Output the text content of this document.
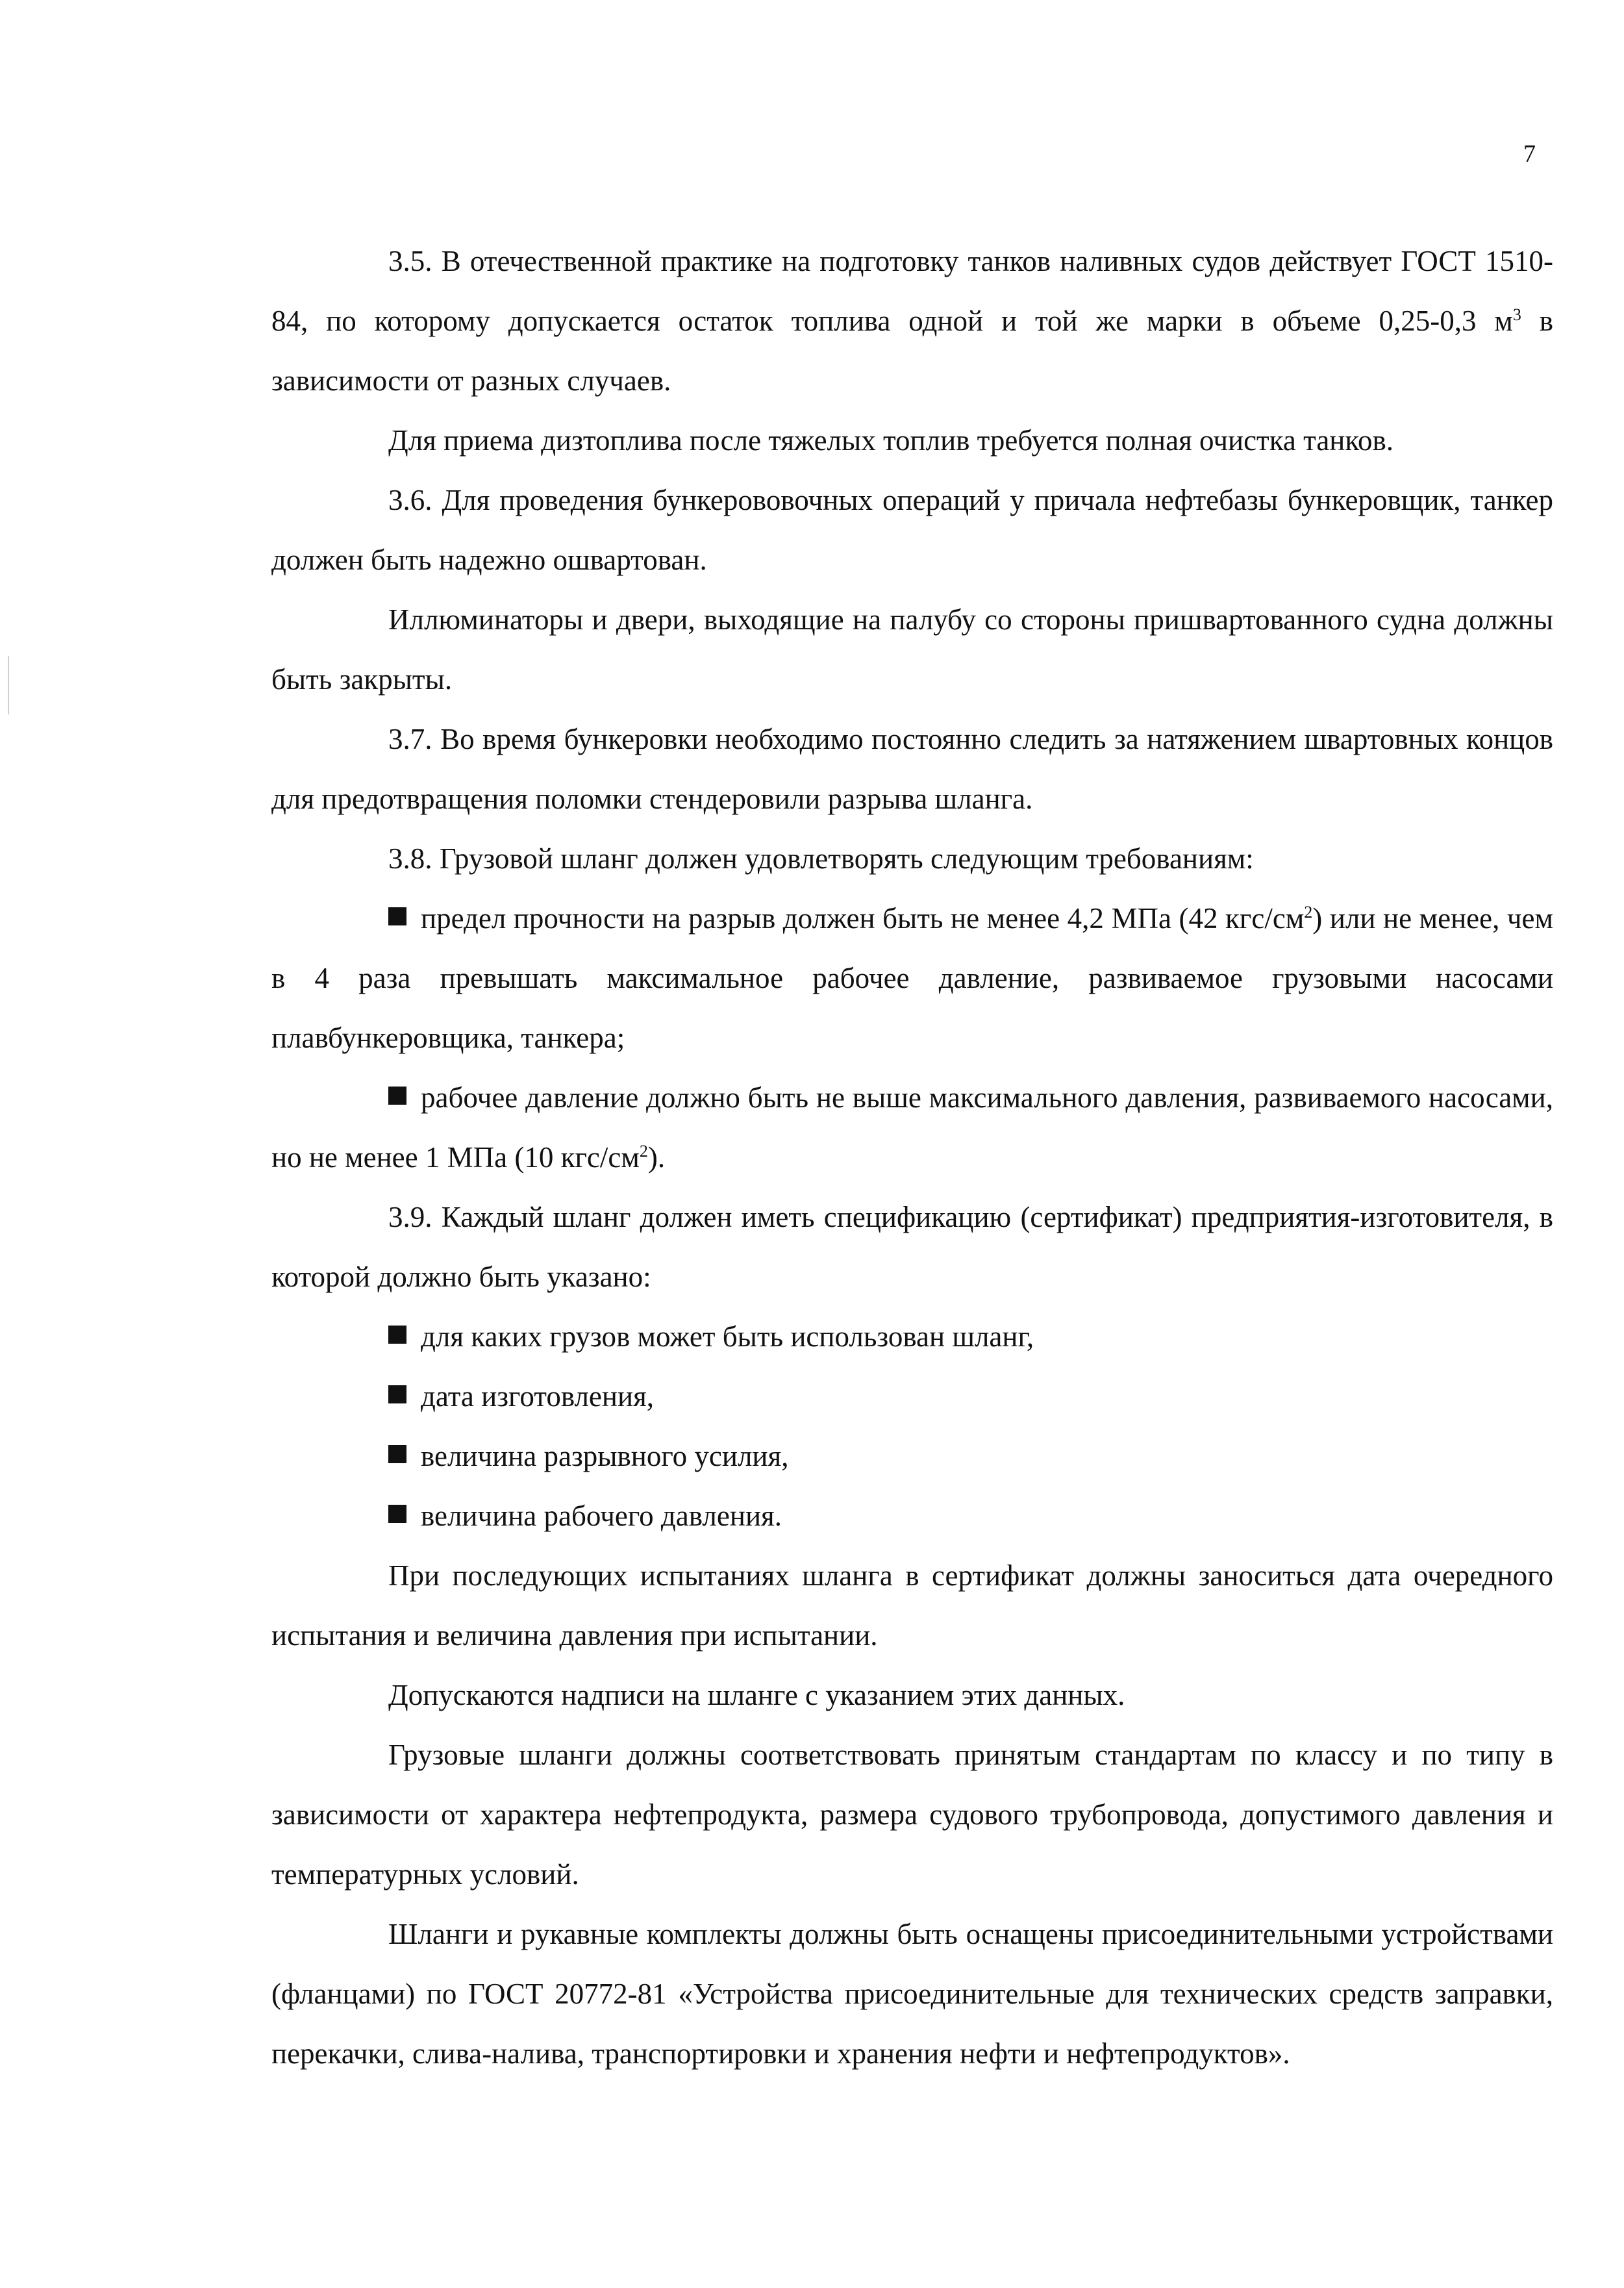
7

3.5. В отечественной практике на подготовку танков наливных судов действует ГОСТ 1510-84, по которому допускается остаток топлива одной и той же марки в объеме 0,25-0,3 $м^3$ в зависимости от разных случаев.

Для приема дизтоплива после тяжелых топлив требуется полная очистка танков.

3.6. Для проведения бункерововочных операций у причала нефтебазы бункеровщик, танкер должен быть надежно ошвартован.

Иллюминаторы и двери, выходящие на палубу со стороны пришвартованного судна должны быть закрыты.

3.7. Во время бункеровки необходимо постоянно следить за натяжением швартовных концов для предотвращения поломки стендеровили разрыва шланга.

3.8. Грузовой шланг должен удовлетворять следующим требованиям:

предел прочности на разрыв должен быть не менее 4,2 МПа (42 кгс/$см^2$) или не менее, чем в 4 раза превышать максимальное рабочее давление, развиваемое грузовыми насосами плавбункеровщика, танкера;

рабочее давление должно быть не выше максимального давления, развиваемого насосами, но не менее 1 МПа (10 кгс/$см^2$).

3.9. Каждый шланг должен иметь спецификацию (сертификат) предприятия-изготовителя, в которой должно быть указано:

для каких грузов может быть использован шланг,

дата изготовления,

величина разрывного усилия,

величина рабочего давления.

При последующих испытаниях шланга в сертификат должны заноситься дата очередного испытания и величина давления при испытании.

Допускаются надписи на шланге с указанием этих данных.

Грузовые шланги должны соответствовать принятым стандартам по классу и по типу в зависимости от характера нефтепродукта, размера судового трубопровода, допустимого давления и температурных условий.

Шланги и рукавные комплекты должны быть оснащены присоединительными устройствами (фланцами) по ГОСТ 20772-81 «Устройства присоединительные для технических средств заправки, перекачки, слива-налива, транспортировки и хранения нефти и нефтепродуктов».
